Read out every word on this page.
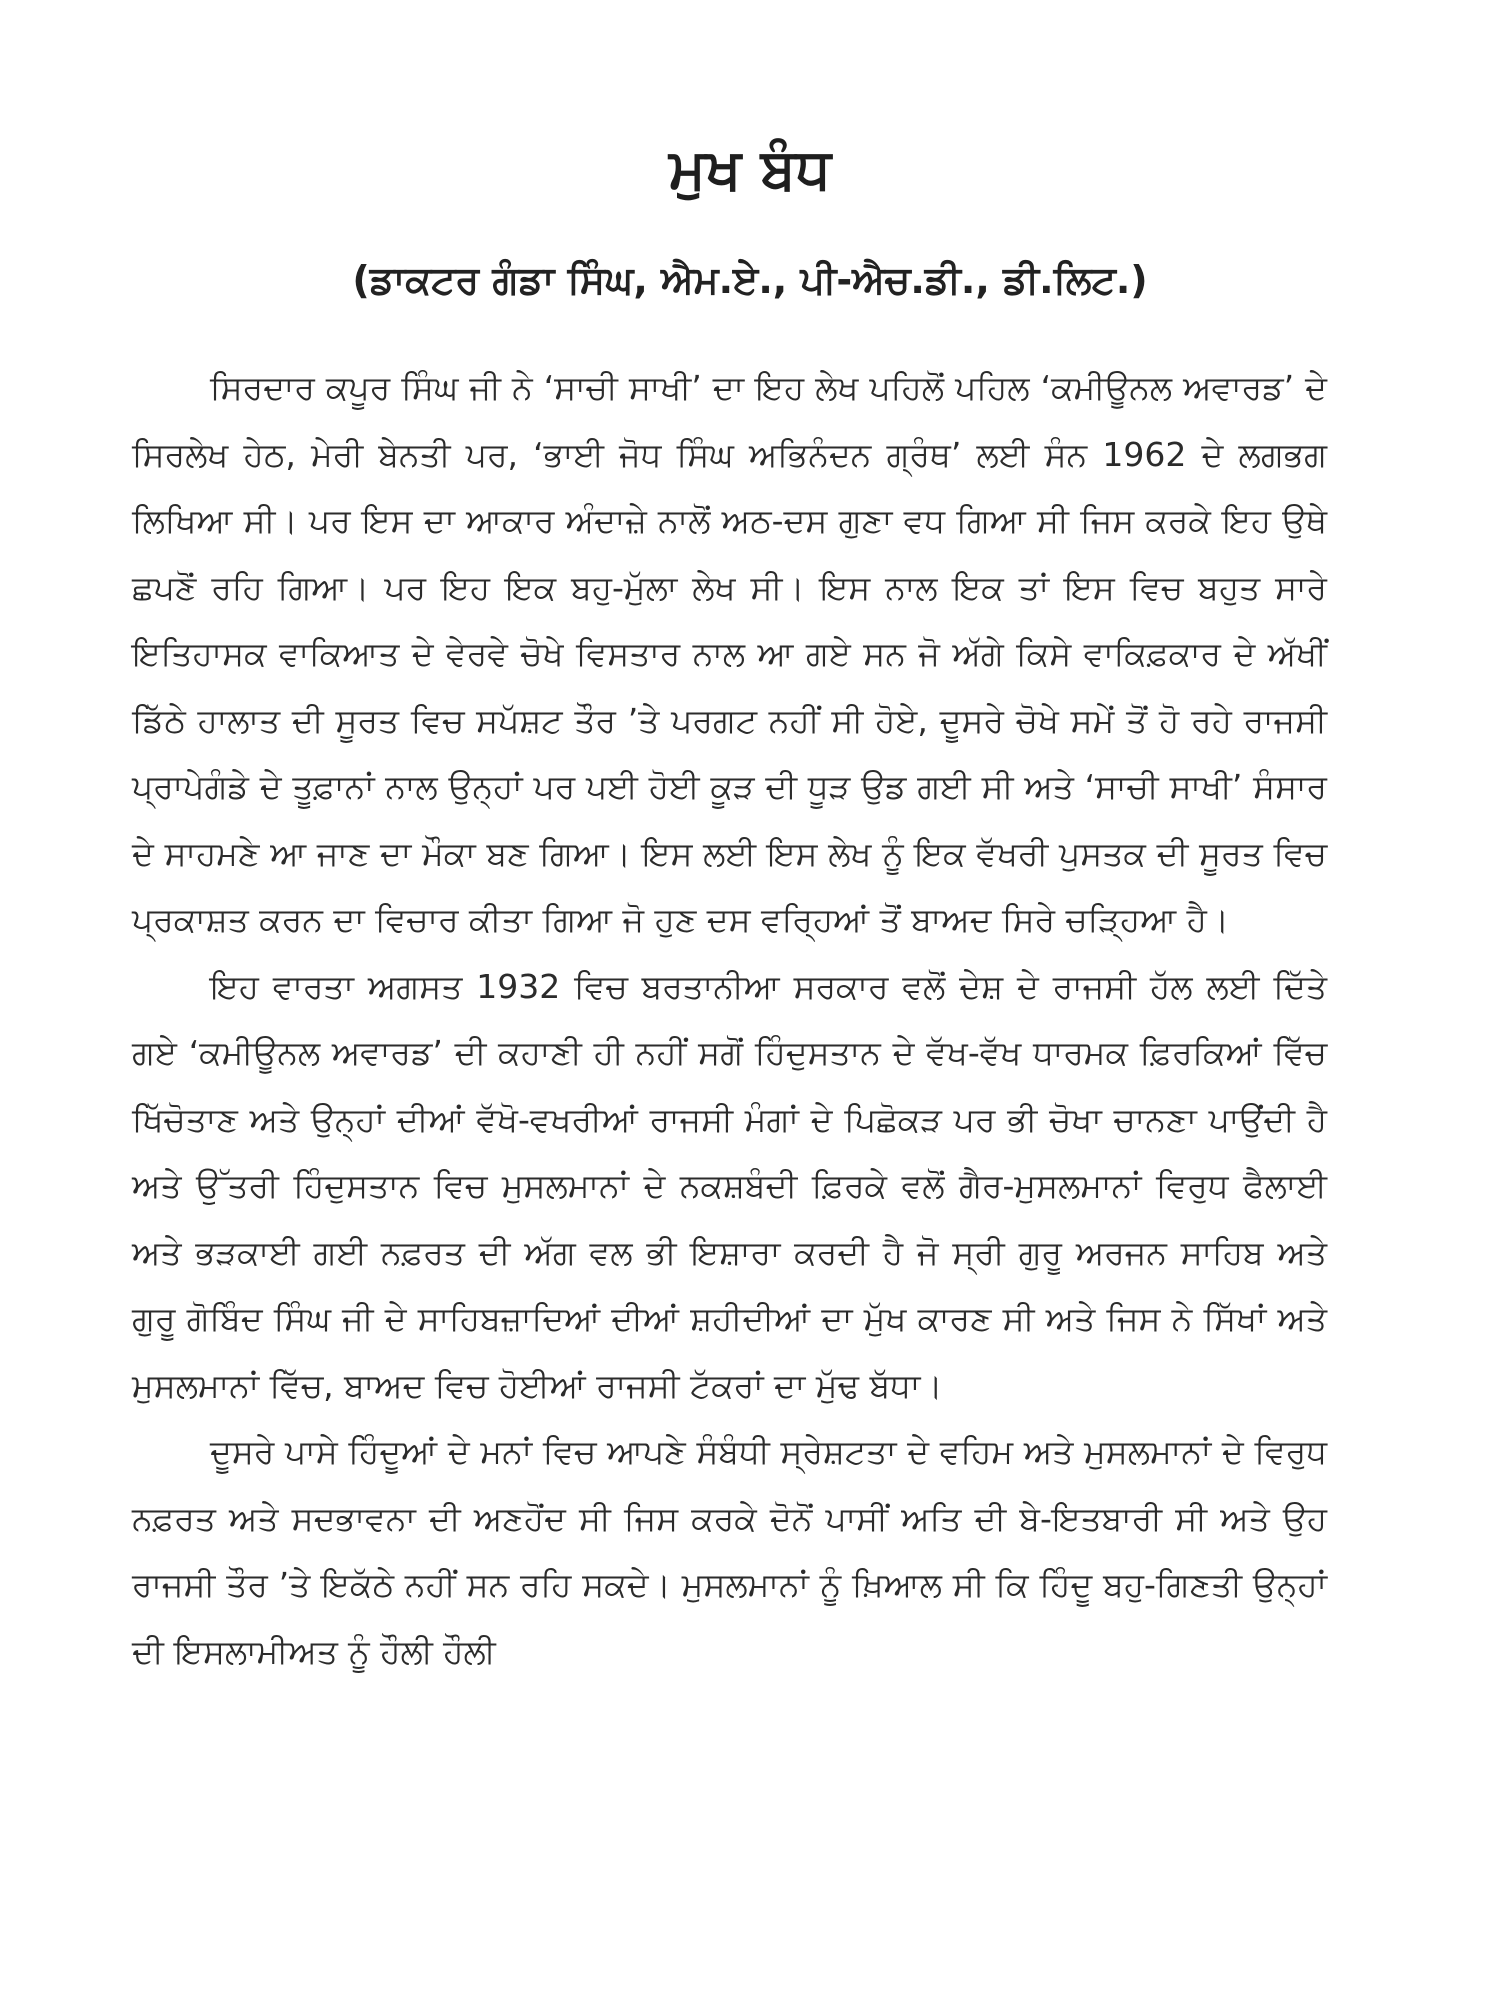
ਮੁਖ ਬੰਧ
(ਡਾਕਟਰ ਗੰਡਾ ਸਿੰਘ, ਐਮ.ਏ., ਪੀ-ਐਚ.ਡੀ., ਡੀ.ਲਿਟ.)

ਸਿਰਦਾਰ ਕਪੂਰ ਸਿੰਘ ਜੀ ਨੇ ‘ਸਾਚੀ ਸਾਖੀ’ ਦਾ ਇਹ ਲੇਖ ਪਹਿਲੋਂ ਪਹਿਲ ‘ਕਮੀਊਨਲ ਅਵਾਰਡ’ ਦੇ ਸਿਰਲੇਖ ਹੇਠ, ਮੇਰੀ ਬੇਨਤੀ ਪਰ, ‘ਭਾਈ ਜੋਧ ਸਿੰਘ ਅਭਿਨੰਦਨ ਗ੍ਰੰਥ’ ਲਈ ਸੰਨ 1962 ਦੇ ਲਗਭਗ ਲਿਖਿਆ ਸੀ। ਪਰ ਇਸ ਦਾ ਆਕਾਰ ਅੰਦਾਜ਼ੇ ਨਾਲੋਂ ਅਠ-ਦਸ ਗੁਣਾ ਵਧ ਗਿਆ ਸੀ ਜਿਸ ਕਰਕੇ ਇਹ ਉਥੇ ਛਪਣੋਂ ਰਹਿ ਗਿਆ। ਪਰ ਇਹ ਇਕ ਬਹੁ-ਮੁੱਲਾ ਲੇਖ ਸੀ। ਇਸ ਨਾਲ ਇਕ ਤਾਂ ਇਸ ਵਿਚ ਬਹੁਤ ਸਾਰੇ ਇਤਿਹਾਸਕ ਵਾਕਿਆਤ ਦੇ ਵੇਰਵੇ ਚੋਖੇ ਵਿਸਤਾਰ ਨਾਲ ਆ ਗਏ ਸਨ ਜੋ ਅੱਗੇ ਕਿਸੇ ਵਾਕਿਫ਼ਕਾਰ ਦੇ ਅੱਖੀਂ ਡਿੱਠੇ ਹਾਲਾਤ ਦੀ ਸੂਰਤ ਵਿਚ ਸਪੱਸ਼ਟ ਤੌਰ ’ਤੇ ਪਰਗਟ ਨਹੀਂ ਸੀ ਹੋਏ, ਦੂਸਰੇ ਚੋਖੇ ਸਮੇਂ ਤੋਂ ਹੋ ਰਹੇ ਰਾਜਸੀ ਪ੍ਰਾਪੇਗੰਡੇ ਦੇ ਤੂਫ਼ਾਨਾਂ ਨਾਲ ਉਨ੍ਹਾਂ ਪਰ ਪਈ ਹੋਈ ਕੂੜ ਦੀ ਧੂੜ ਉਡ ਗਈ ਸੀ ਅਤੇ ‘ਸਾਚੀ ਸਾਖੀ’ ਸੰਸਾਰ ਦੇ ਸਾਹਮਣੇ ਆ ਜਾਣ ਦਾ ਮੌਕਾ ਬਣ ਗਿਆ। ਇਸ ਲਈ ਇਸ ਲੇਖ ਨੂੰ ਇਕ ਵੱਖਰੀ ਪੁਸਤਕ ਦੀ ਸੂਰਤ ਵਿਚ ਪ੍ਰਕਾਸ਼ਤ ਕਰਨ ਦਾ ਵਿਚਾਰ ਕੀਤਾ ਗਿਆ ਜੋ ਹੁਣ ਦਸ ਵਰ੍ਹਿਆਂ ਤੋਂ ਬਾਅਦ ਸਿਰੇ ਚੜ੍ਹਿਆ ਹੈ।

ਇਹ ਵਾਰਤਾ ਅਗਸਤ 1932 ਵਿਚ ਬਰਤਾਨੀਆ ਸਰਕਾਰ ਵਲੋਂ ਦੇਸ਼ ਦੇ ਰਾਜਸੀ ਹੱਲ ਲਈ ਦਿੱਤੇ ਗਏ ‘ਕਮੀਊਨਲ ਅਵਾਰਡ’ ਦੀ ਕਹਾਣੀ ਹੀ ਨਹੀਂ ਸਗੋਂ ਹਿੰਦੁਸਤਾਨ ਦੇ ਵੱਖ-ਵੱਖ ਧਾਰਮਕ ਫ਼ਿਰਕਿਆਂ ਵਿੱਚ ਖਿੱਚੋਤਾਣ ਅਤੇ ਉਨ੍ਹਾਂ ਦੀਆਂ ਵੱਖੋ-ਵਖਰੀਆਂ ਰਾਜਸੀ ਮੰਗਾਂ ਦੇ ਪਿਛੋਕੜ ਪਰ ਭੀ ਚੋਖਾ ਚਾਨਣਾ ਪਾਉਂਦੀ ਹੈ ਅਤੇ ਉੱਤਰੀ ਹਿੰਦੁਸਤਾਨ ਵਿਚ ਮੁਸਲਮਾਨਾਂ ਦੇ ਨਕਸ਼ਬੰਦੀ ਫ਼ਿਰਕੇ ਵਲੋਂ ਗੈਰ-ਮੁਸਲਮਾਨਾਂ ਵਿਰੁਧ ਫੈਲਾਈ ਅਤੇ ਭੜਕਾਈ ਗਈ ਨਫ਼ਰਤ ਦੀ ਅੱਗ ਵਲ ਭੀ ਇਸ਼ਾਰਾ ਕਰਦੀ ਹੈ ਜੋ ਸ੍ਰੀ ਗੁਰੂ ਅਰਜਨ ਸਾਹਿਬ ਅਤੇ ਗੁਰੂ ਗੋਬਿੰਦ ਸਿੰਘ ਜੀ ਦੇ ਸਾਹਿਬਜ਼ਾਦਿਆਂ ਦੀਆਂ ਸ਼ਹੀਦੀਆਂ ਦਾ ਮੁੱਖ ਕਾਰਣ ਸੀ ਅਤੇ ਜਿਸ ਨੇ ਸਿੱਖਾਂ ਅਤੇ ਮੁਸਲਮਾਨਾਂ ਵਿੱਚ, ਬਾਅਦ ਵਿਚ ਹੋਈਆਂ ਰਾਜਸੀ ਟੱਕਰਾਂ ਦਾ ਮੁੱਢ ਬੱਧਾ।

ਦੂਸਰੇ ਪਾਸੇ ਹਿੰਦੂਆਂ ਦੇ ਮਨਾਂ ਵਿਚ ਆਪਣੇ ਸੰਬੰਧੀ ਸ੍ਰੇਸ਼ਟਤਾ ਦੇ ਵਹਿਮ ਅਤੇ ਮੁਸਲਮਾਨਾਂ ਦੇ ਵਿਰੁਧ ਨਫ਼ਰਤ ਅਤੇ ਸਦਭਾਵਨਾ ਦੀ ਅਣਹੋਂਦ ਸੀ ਜਿਸ ਕਰਕੇ ਦੋਨੋਂ ਪਾਸੀਂ ਅਤਿ ਦੀ ਬੇ-ਇਤਬਾਰੀ ਸੀ ਅਤੇ ਉਹ ਰਾਜਸੀ ਤੌਰ ’ਤੇ ਇਕੱਠੇ ਨਹੀਂ ਸਨ ਰਹਿ ਸਕਦੇ। ਮੁਸਲਮਾਨਾਂ ਨੂੰ ਖ਼ਿਆਲ ਸੀ ਕਿ ਹਿੰਦੂ ਬਹੁ-ਗਿਣਤੀ ਉਨ੍ਹਾਂ ਦੀ ਇਸਲਾਮੀਅਤ ਨੂੰ ਹੌਲੀ ਹੌਲੀ
